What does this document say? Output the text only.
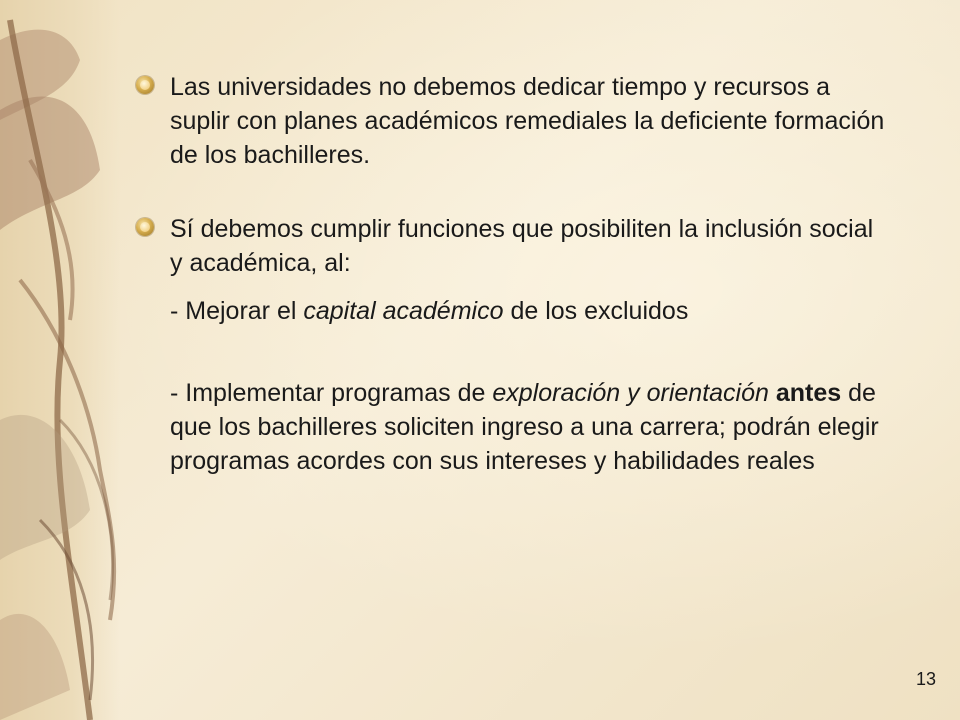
Las universidades no debemos dedicar tiempo y recursos a suplir con planes académicos remediales la deficiente formación de los bachilleres.
Sí debemos cumplir funciones que posibiliten la inclusión social y académica, al:
- Mejorar el capital académico de los excluidos
- Implementar programas de exploración y orientación antes de que los bachilleres soliciten ingreso a una carrera; podrán elegir programas acordes con sus intereses y habilidades reales
13
